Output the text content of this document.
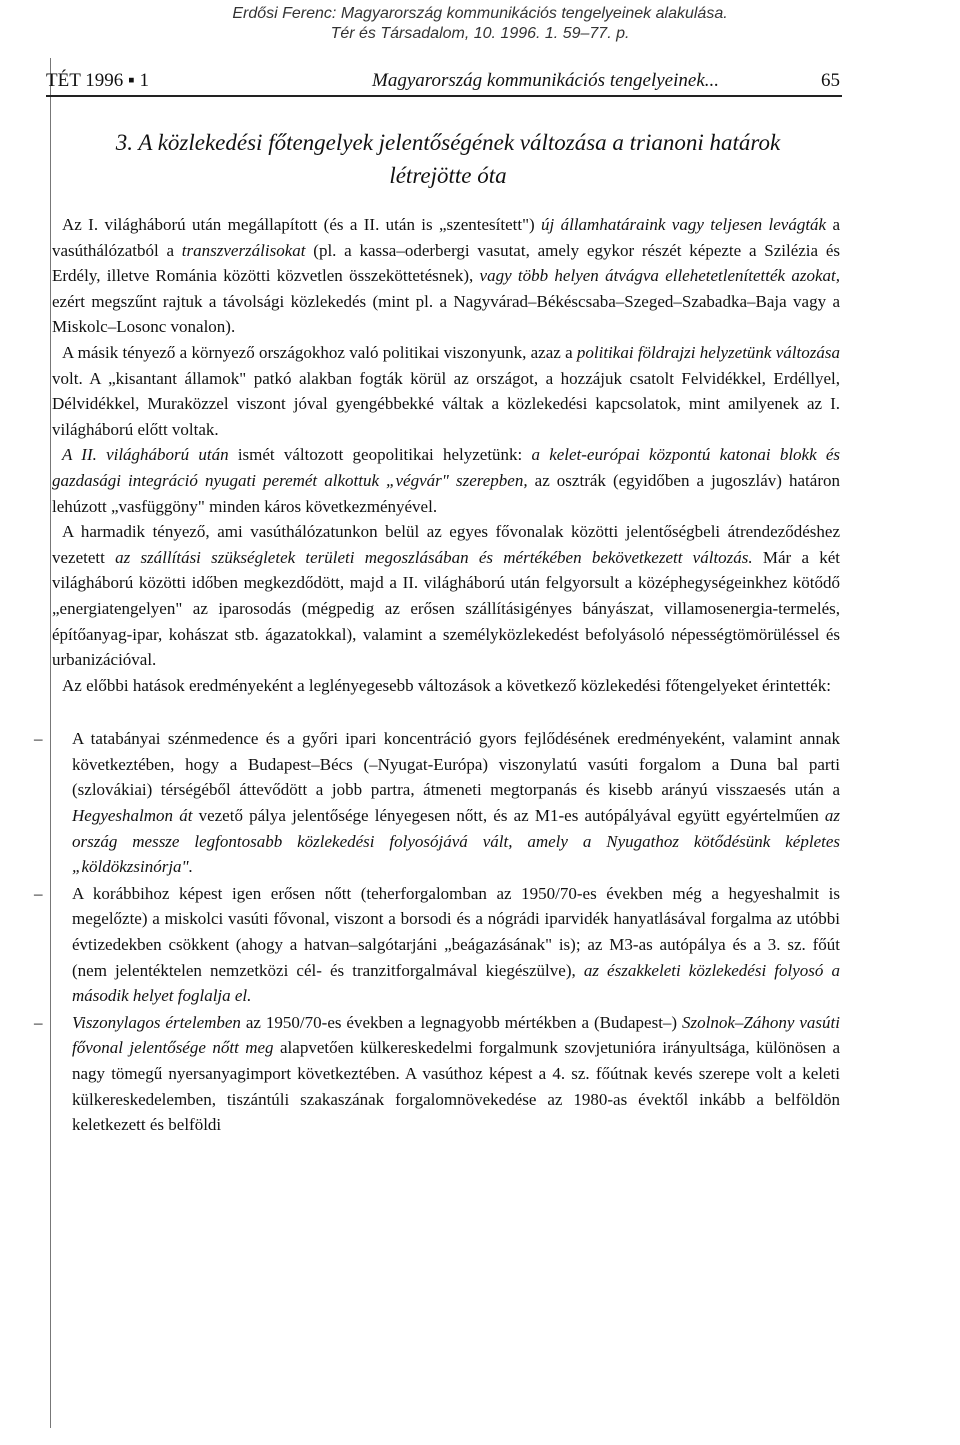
Erdősi Ferenc: Magyarország kommunikációs tengelyeinek alakulása.
Tér és Társadalom, 10. 1996. 1. 59–77. p.
TÉT 1996 ▪ 1	Magyarország kommunikációs tengelyeinek...	65
3. A közlekedési főtengelyek jelentőségének változása a trianoni határok
létrejötte óta

Az I. világháború után megállapított (és a II. után is „szentesített") új államhatáraink vagy teljesen levágták a vasúthálózatból a transzverzálisokat (pl. a kassa–oderbergi vasutat, amely egykor részét képezte a Szilézia és Erdély, illetve Románia közötti közvetlen összeköttetésnek), vagy több helyen átvágva ellehetetlenítették azokat, ezért megszűnt rajtuk a távolsági közlekedés (mint pl. a Nagyvárad–Békéscsaba–Szeged–Szabadka–Baja vagy a Miskolc–Losonc vonalon).

A másik tényező a környező országokhoz való politikai viszonyunk, azaz a politikai földrajzi helyzetünk változása volt. A „kisantant államok" patkó alakban fogták körül az országot, a hozzájuk csatolt Felvidékkel, Erdéllyel, Délvidékkel, Muraközzel viszont jóval gyengébbekké váltak a közlekedési kapcsolatok, mint amilyenek az I. világháború előtt voltak.

A II. világháború után ismét változott geopolitikai helyzetünk: a kelet-európai központú katonai blokk és gazdasági integráció nyugati peremét alkottuk „végvár" szerepben, az osztrák (egyidőben a jugoszláv) határon lehúzott „vasfüggöny" minden káros következményével.

A harmadik tényező, ami vasúthálózatunkon belül az egyes fővonalak közötti jelentőségbeli átrendeződéshez vezetett az szállítási szükségletek területi megoszlásában és mértékében bekövetkezett változás. Már a két világháború közötti időben megkezdődött, majd a II. világháború után felgyorsult a középhegységeinkhez kötődő „energiatengelyen" az iparosodás (mégpedig az erősen szállításigényes bányászat, villamosenergia-termelés, építőanyag-ipar, kohászat stb. ágazatokkal), valamint a személyközlekedést befolyásoló népességtömörüléssel és urbanizációval.

Az előbbi hatások eredményeként a leglényegesebb változások a következő közlekedési főtengelyeket érintették:

–	A tatabányai szénmedence és a győri ipari koncentráció gyors fejlődésének eredményeként, valamint annak következtében, hogy a Budapest–Bécs (–Nyugat-Európa) viszonylatú vasúti forgalom a Duna bal parti (szlovákiai) térségéből áttevődött a jobb partra, átmeneti megtorpanás és kisebb arányú visszaesés után a Hegyeshalmon át vezető pálya jelentősége lényegesen nőtt, és az M1-es autópályával együtt egyértelműen az ország messze legfontosabb közlekedési folyosójává vált, amely a Nyugathoz kötődésünk képletes „köldökzsinórja".
–	A korábbihoz képest igen erősen nőtt (teherforgalomban az 1950/70-es években még a hegyeshalmit is megelőzte) a miskolci vasúti fővonal, viszont a borsodi és a nógrádi iparvidék hanyatlásával forgalma az utóbbi évtizedekben csökkent (ahogy a hatvan–salgótarjáni „beágazásának" is); az M3-as autópálya és a 3. sz. főút (nem jelentéktelen nemzetközi cél- és tranzitforgalmával kiegészülve), az északkeleti közlekedési folyosó a második helyet foglalja el.
–	Viszonylagos értelemben az 1950/70-es években a legnagyobb mértékben a (Budapest–) Szolnok–Záhony vasúti fővonal jelentősége nőtt meg alapvetően külkereskedelmi forgalmunk szovjetunióra irányultsága, különösen a nagy tömegű nyersanyagimport következtében. A vasúthoz képest a 4. sz. főútnak kevés szerepe volt a keleti külkereskedelemben, tiszántúli szakaszának forgalomnövekedése az 1980-as évektől inkább a belföldön keletkezett és belföldi
